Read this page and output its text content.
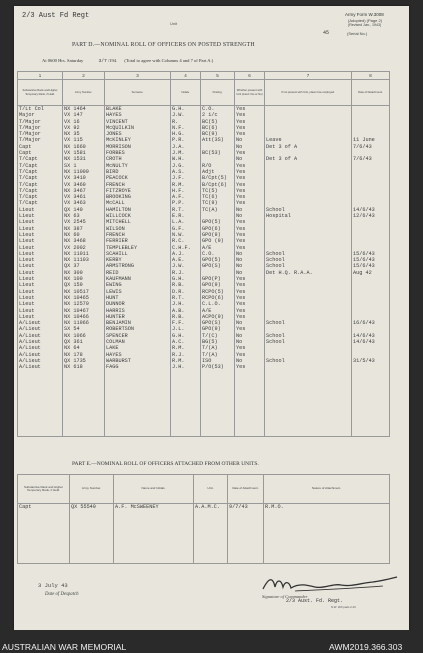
2/3 Aust Fd Regt
Unit
Army Form W.3008
(Adopted) (Page 2)
(Revised Jan., 1943)
45	(Serial No.)
PART D.—NOMINAL ROLL OF OFFICERS ON POSTED STRENGTH
At 0600 Hrs. Saturday	3/7 /194. (Total to agree with Columns 4 and 7 of Part A.)
1	2	3	4	5	6	7	8
Substantive Rank and Higher Temporary Rank, if Held.	Army Number.	Surname.	Initials.	Posting.	Whether present with Unit (insert Yes or No)	If not present with Unit, place how employed.	Date of Detachment.
T/Lt Col	NX 1464	BLAKE	G.H.	C.O.	Yes		
Major	VX 147	HAYES	J.W.	2 i/c	Yes		
T/Major	VX 16	VINCENT	R.	BC(5)	Yes		
T/Major	VX 92	McQUILKIN	N.F.	BC(6)	Yes		
T/Major	NX 35	JONES	H.G.	BC(9)	Yes		
T/Major	VX 115	McKINLEY	P.R.	Att(3S)	No	Leave	11 June
Capt	NX 1660	MORRISON	J.A.		No	Det 3 of A	7/6/43
Capt	VX 1581	FORBES	J.M.	BC(53)	Yes		
T/Capt	NX 1531	CROTH	W.H.		No	Det 3 of A	7/6/43
T/Capt	SX 1	McNULTY	J.G.	R/O	Yes		
T/Capt	NX 11009	BIRD	A.S.	Adjt	Yes		
T/Capt	VX 3410	PEACOCK	J.F.	B/Cpt(5)	Yes		
T/Capt	VX 3460	FRENCH	R.M.	B/Cpt(6)	Yes		
T/Capt	NX 3467	FITZROYE	H.F.	TC(5)	Yes		
T/Capt	VX 3461	BROOKING	A.F.	TC(6)	Yes		
T/Capt	VX 3463	McCALL	P.P.	TC(9)	Yes		
Lieut	QX 140	HAMILTON	R.T.	TC(A)	No	School	14/6/43
Lieut	NX 63	WILLCOCK	E.R.		No	Hospital	12/6/43
Lieut	VX 2545	MITCHELL	L.A.	GPO(5)	Yes		
Lieut	NX 387	WILSON	G.F.	GPO(6)	Yes		
Lieut	NX 60	FRENCH	N.W.	GPO(9)	Yes		
Lieut	NX 3468	FERRIER	R.C.	GPO (9)	Yes		
Lieut	VX 2002	TEMPLEBLEY	C.H.F.	A/E	Yes		
Lieut	NX 11011	SCAHILL	A.J.	C.O.	No	School	15/6/43
Lieut	NX 11103	KERBY	A.E.	GPO(5)	No	School	15/6/43
Lieut	QX 37	ARMSTRONG	J.W.	GPO(S)	No	School	15/6/43
Lieut	NX 300	REID	R.J.		No	Det H.Q. R.A.A.	Aug 42
Lieut	NX 100	KAUFMANN	G.H.	GPO(P)	Yes		
Lieut	QX 159	EWING	R.B.	GPO(9)	Yes		
Lieut	NX 10517	LEWIS	D.R.	RCPO(5)	Yes		
Lieut	NX 10465	HUNT	R.T.	RCPO(6)	Yes		
Lieut	NX 12570	DUNNOR	J.H.	C.L.O.	Yes		
Lieut	NX 10467	HARRIS	A.B.	A/E	Yes		
Lieut	NX 10466	HUNTER	R.B.	ACPO(9)	Yes		
A/Lieut	NX 11966	BENJAMIN	F.F.	GPO(S)	No	School	16/6/43
A/Lieut	SX 54	ROBERTSON	J.L.	GPO(9)	Yes		
A/Lieut	NX 1066	SPENCER	G.H.	T/(C)	No	School	14/6/43
A/Lieut	QX 361	COLMAN	A.C.	BG(5)	No	School	14/6/43
A/Lieut	NX 64	LAKE	R.M.	T/(A)	Yes		
A/Lieut	NX 178	HAYES	R.J.	T/(A)	Yes		
A/Lieut	QX 1735	WARBURST	R.M.	ISO	No	School	31/5/43
A/Lieut	NX 618	FAGG	J.H.	P/O(53)	Yes		

PART E.—NOMINAL ROLL OF OFFICERS ATTACHED FROM OTHER UNITS.
Substantive Rank and Higher Temporary Rank, if Held.	Army Number.	Name and Initials.	Unit.	Date of Attachment.	Nature of Attachment.
Capt	QX 55549	A.F. McSWEENEY	A.A.M.C.	9/7/43	R.M.O.

3 July 43
Date of Despatch	Signature of Commander
2/3 Aust. Fd. Regt.
N.W. 200 pads 2-43
AUSTRALIAN WAR MEMORIAL	AWM2019.366.303
